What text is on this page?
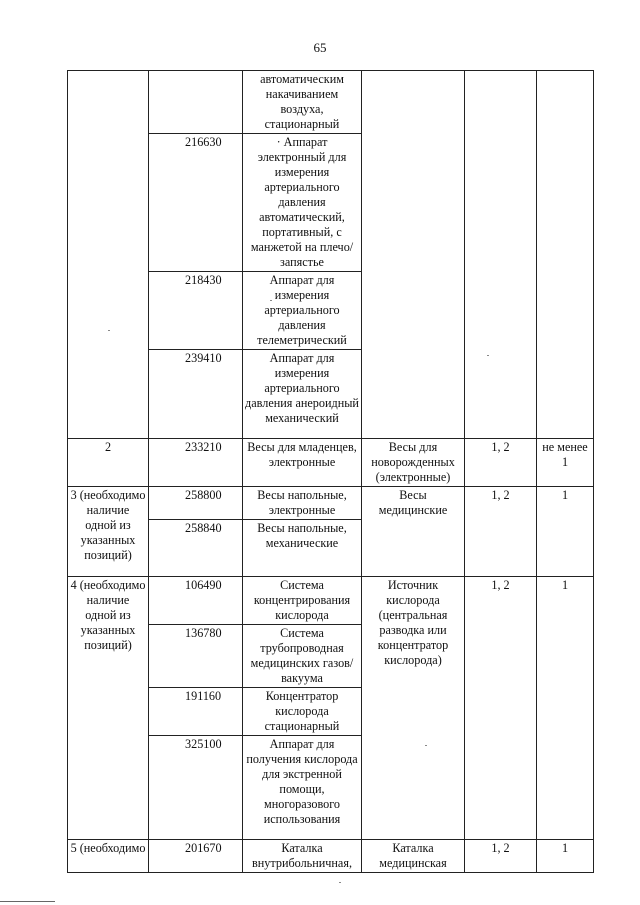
65
		автоматическим накачиванием воздуха, стационарный			
	216630	· Аппарат электронный для измерения артериального давления автоматический, портативный, с манжетой на плечо/запястье			
	218430	Аппарат для измерения артериального давления телеметрический			
	239410	Аппарат для измерения артериального давления анероидный механический			
2	233210	Весы для младенцев, электронные	Весы для новорожденных (электронные)	1, 2	не менее 1
3 (необходимо наличие одной из указанных позиций)	258800	Весы напольные, электронные	Весы медицинские	1, 2	1
	258840	Весы напольные, механические			
4 (необходимо наличие одной из указанных позиций)	106490	Система концентрирования кислорода	Источник кислорода (центральная разводка или концентратор кислорода)	1, 2	1
	136780	Система трубопроводная медицинских газов/вакуума			
	191160	Концентратор кислорода стационарный			
	325100	Аппарат для получения кислорода для экстренной помощи, многоразового использования			
5 (необходимо	201670	Каталка внутрибольничная,	Каталка медицинская	1, 2	1
